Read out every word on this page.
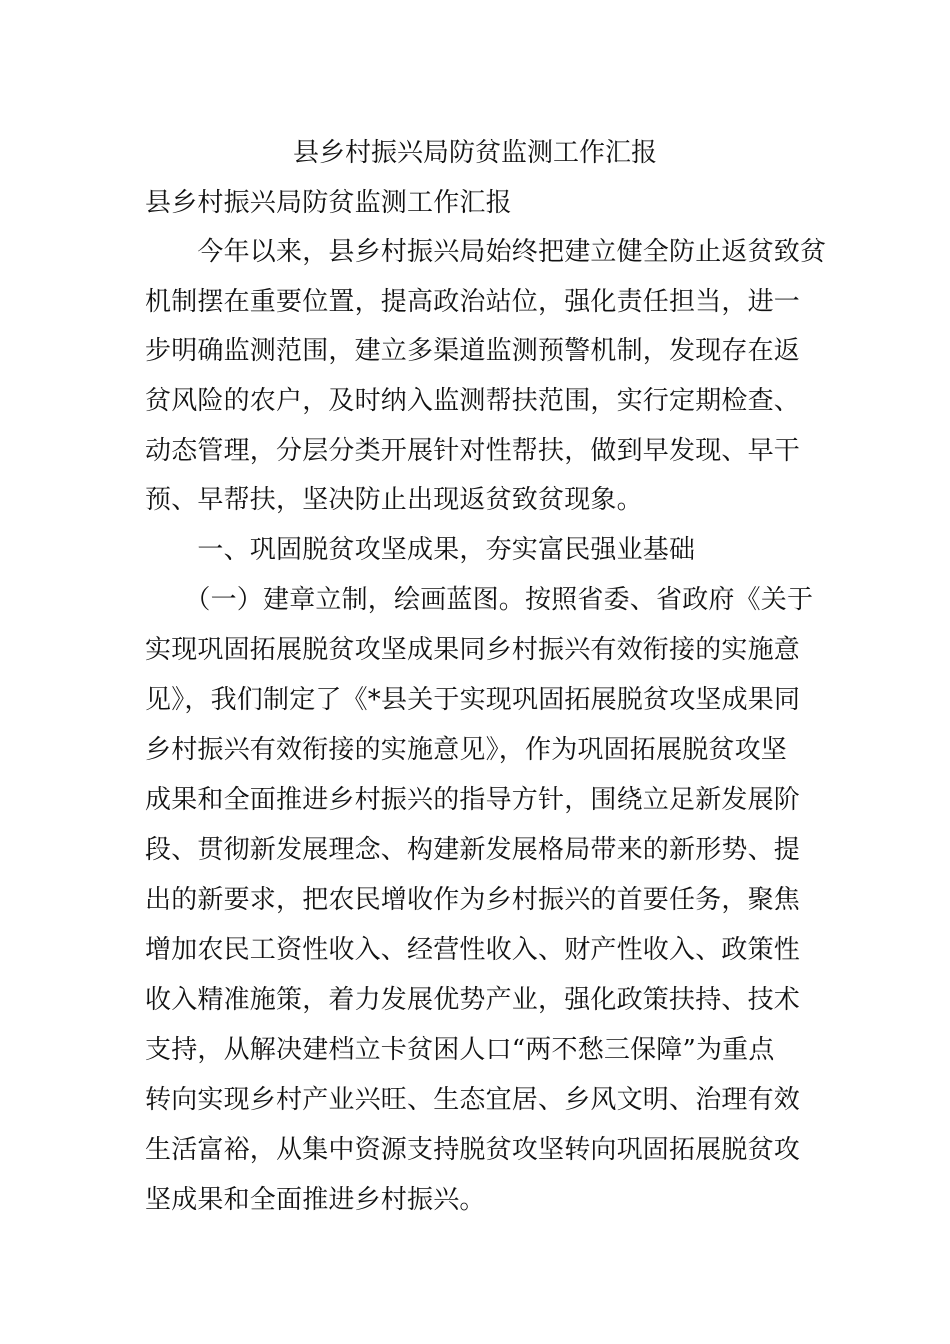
县乡村振兴局防贫监测工作汇报
县乡村振兴局防贫监测工作汇报
　　今年以来，县乡村振兴局始终把建立健全防止返贫致贫
机制摆在重要位置，提高政治站位，强化责任担当，进一
步明确监测范围，建立多渠道监测预警机制，发现存在返
贫风险的农户，及时纳入监测帮扶范围，实行定期检查、
动态管理，分层分类开展针对性帮扶，做到早发现、早干
预、早帮扶，坚决防止出现返贫致贫现象。
　　一、巩固脱贫攻坚成果，夯实富民强业基础
　　（一）建章立制，绘画蓝图。按照省委、省政府《关于
实现巩固拓展脱贫攻坚成果同乡村振兴有效衔接的实施意
见》，我们制定了《*县关于实现巩固拓展脱贫攻坚成果同
乡村振兴有效衔接的实施意见》，作为巩固拓展脱贫攻坚
成果和全面推进乡村振兴的指导方针，围绕立足新发展阶
段、贯彻新发展理念、构建新发展格局带来的新形势、提
出的新要求，把农民增收作为乡村振兴的首要任务，聚焦
增加农民工资性收入、经营性收入、财产性收入、政策性
收入精准施策，着力发展优势产业，强化政策扶持、技术
支持，从解决建档立卡贫困人口“两不愁三保障”为重点
转向实现乡村产业兴旺、生态宜居、乡风文明、治理有效
生活富裕，从集中资源支持脱贫攻坚转向巩固拓展脱贫攻
坚成果和全面推进乡村振兴。
